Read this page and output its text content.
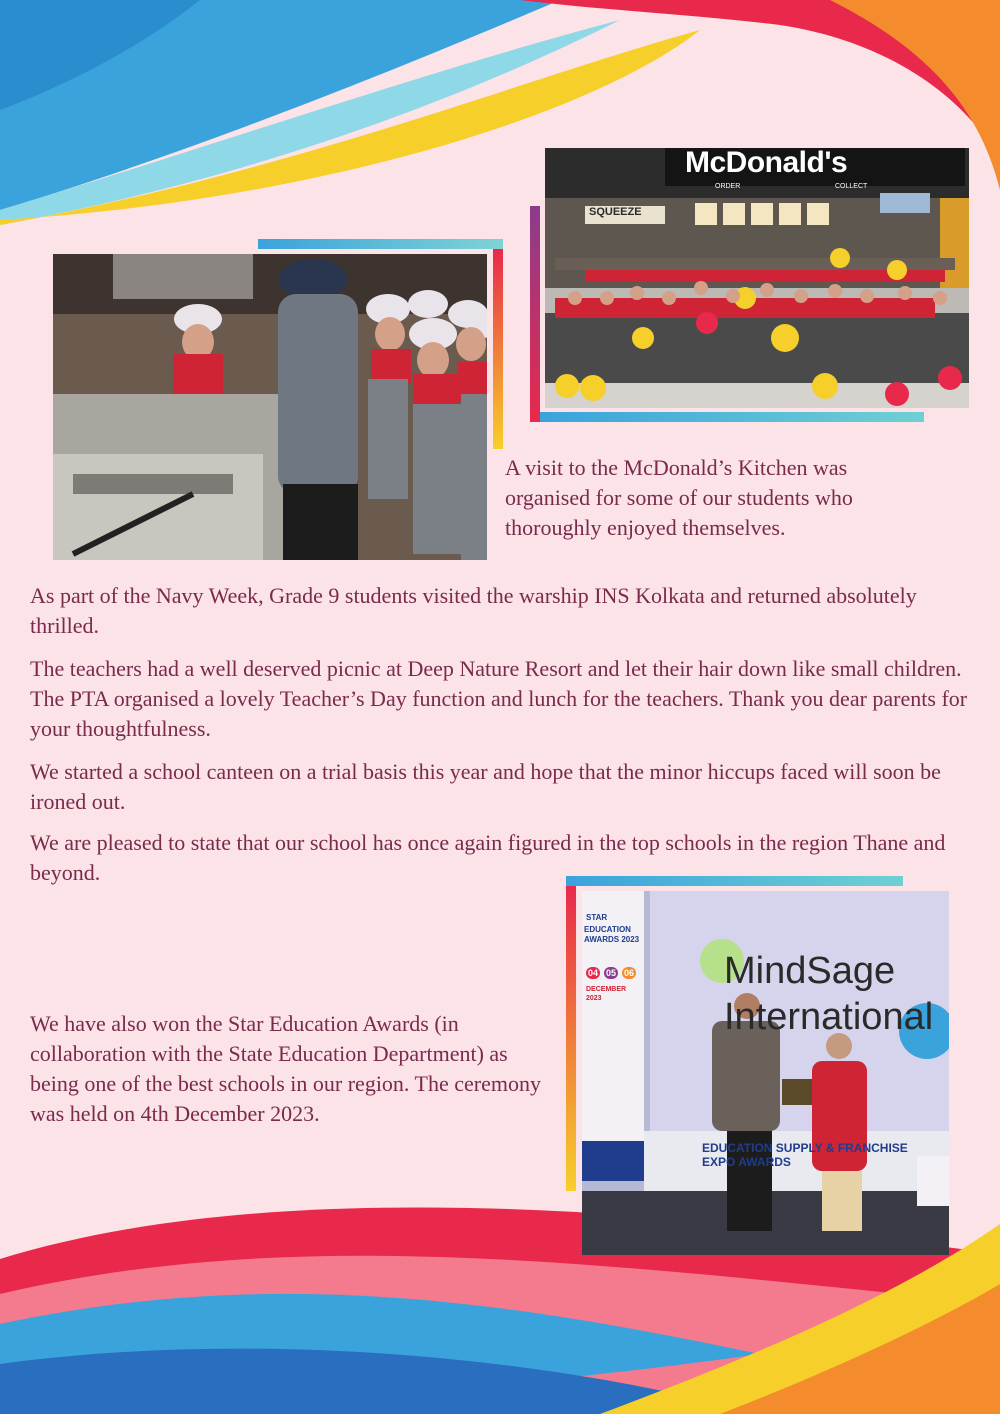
McDonald's
ORDER	COLLECT
SQUEEZE

A visit to the McDonald’s Kitchen was organised for some of our students who thoroughly enjoyed themselves.

As part of the Navy Week, Grade 9 students visited the warship INS Kolkata and returned absolutely thrilled.

The teachers had a well deserved picnic at Deep Nature Resort and let their hair down like small children. The PTA organised a lovely Teacher’s Day function and lunch for the teachers. Thank you dear parents for your thoughtfulness.

We started a school canteen on a trial basis this year and hope that the minor hiccups faced will soon be ironed out.

We are pleased to state that our school has once again figured in the top schools in the region Thane and beyond.

We have also won the Star Education Awards (in collaboration with the State Education Department) as being one of the best schools in our region. The ceremony was held on 4th December 2023.

STAR
EDUCATION AWARDS 2023
04 05 06
DECEMBER 2023
MindSage
International
EDUCATION SUPPLY & FRANCHISE EXPO AWARDS
